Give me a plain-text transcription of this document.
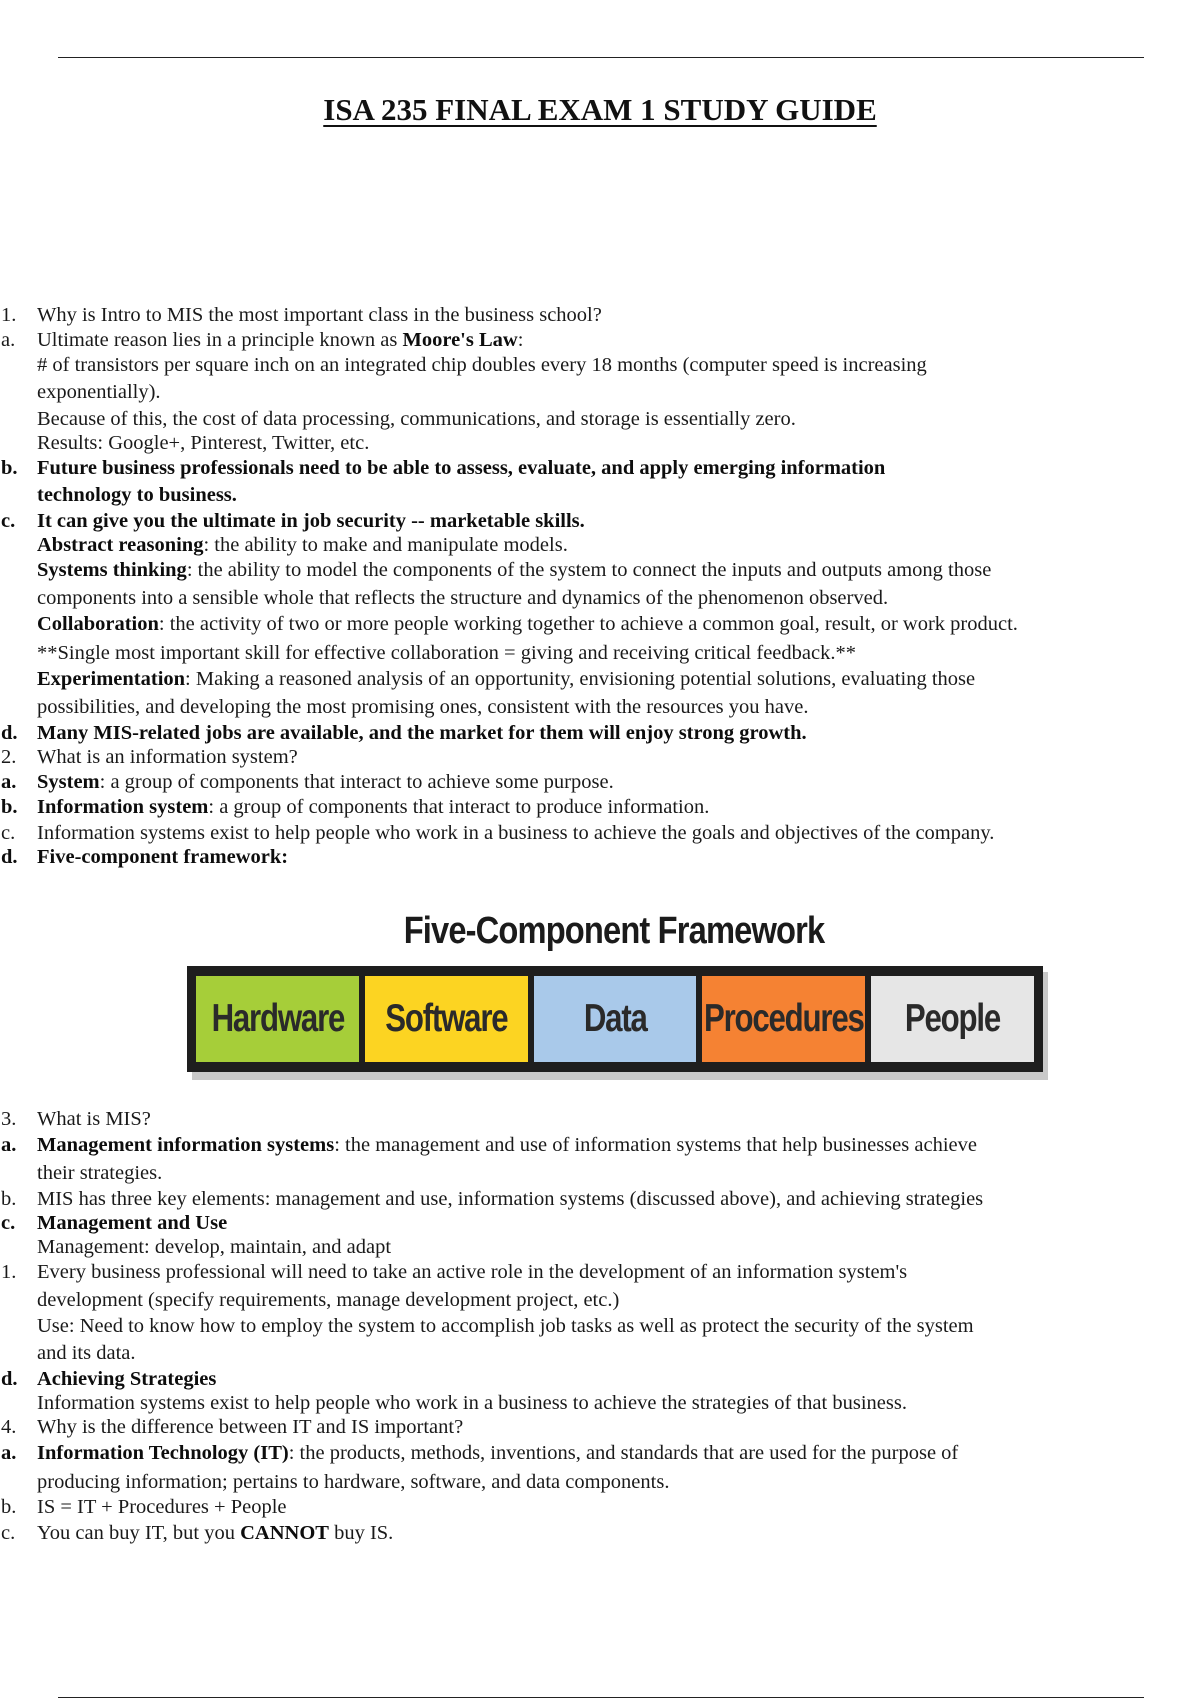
ISA 235 FINAL EXAM 1 STUDY GUIDE
1.	Why is Intro to MIS the most important class in the business school?
a.	Ultimate reason lies in a principle known as Moore's Law:
# of transistors per square inch on an integrated chip doubles every 18 months (computer speed is increasing
exponentially).
Because of this, the cost of data processing, communications, and storage is essentially zero.
Results: Google+, Pinterest, Twitter, etc.
b. Future business professionals need to be able to assess, evaluate, and apply emerging information
technology to business.
c.	It can give you the ultimate in job security -- marketable skills.
Abstract reasoning: the ability to make and manipulate models.
Systems thinking: the ability to model the components of the system to connect the inputs and outputs among those
components into a sensible whole that reflects the structure and dynamics of the phenomenon observed.
Collaboration: the activity of two or more people working together to achieve a common goal, result, or work product.
**Single most important skill for effective collaboration = giving and receiving critical feedback.**
Experimentation: Making a reasoned analysis of an opportunity, envisioning potential solutions, evaluating those
possibilities, and developing the most promising ones, consistent with the resources you have.
d. Many MIS-related jobs are available, and the market for them will enjoy strong growth.
2.	What is an information system?
a.	System: a group of components that interact to achieve some purpose.
b. Information system: a group of components that interact to produce information.
c.	Information systems exist to help people who work in a business to achieve the goals and objectives of the company.
d. Five-component framework:
3.	What is MIS?
a.	Management information systems: the management and use of information systems that help businesses achieve
their strategies.
b.	MIS has three key elements: management and use, information systems (discussed above), and achieving strategies
c.	Management and Use
Management: develop, maintain, and adapt
1.	Every business professional will need to take an active role in the development of an information system's
development (specify requirements, manage development project, etc.)
Use: Need to know how to employ the system to accomplish job tasks as well as protect the security of the system
and its data.
d. Achieving Strategies
Information systems exist to help people who work in a business to achieve the strategies of that business.
4.	Why is the difference between IT and IS important?
a.	Information Technology (IT): the products, methods, inventions, and standards that are used for the purpose of
producing information; pertains to hardware, software, and data components.
b.	IS = IT + Procedures + People
c.	You can buy IT, but you CANNOT buy IS.
Five-Component Framework
Hardware Software Data Procedures People
